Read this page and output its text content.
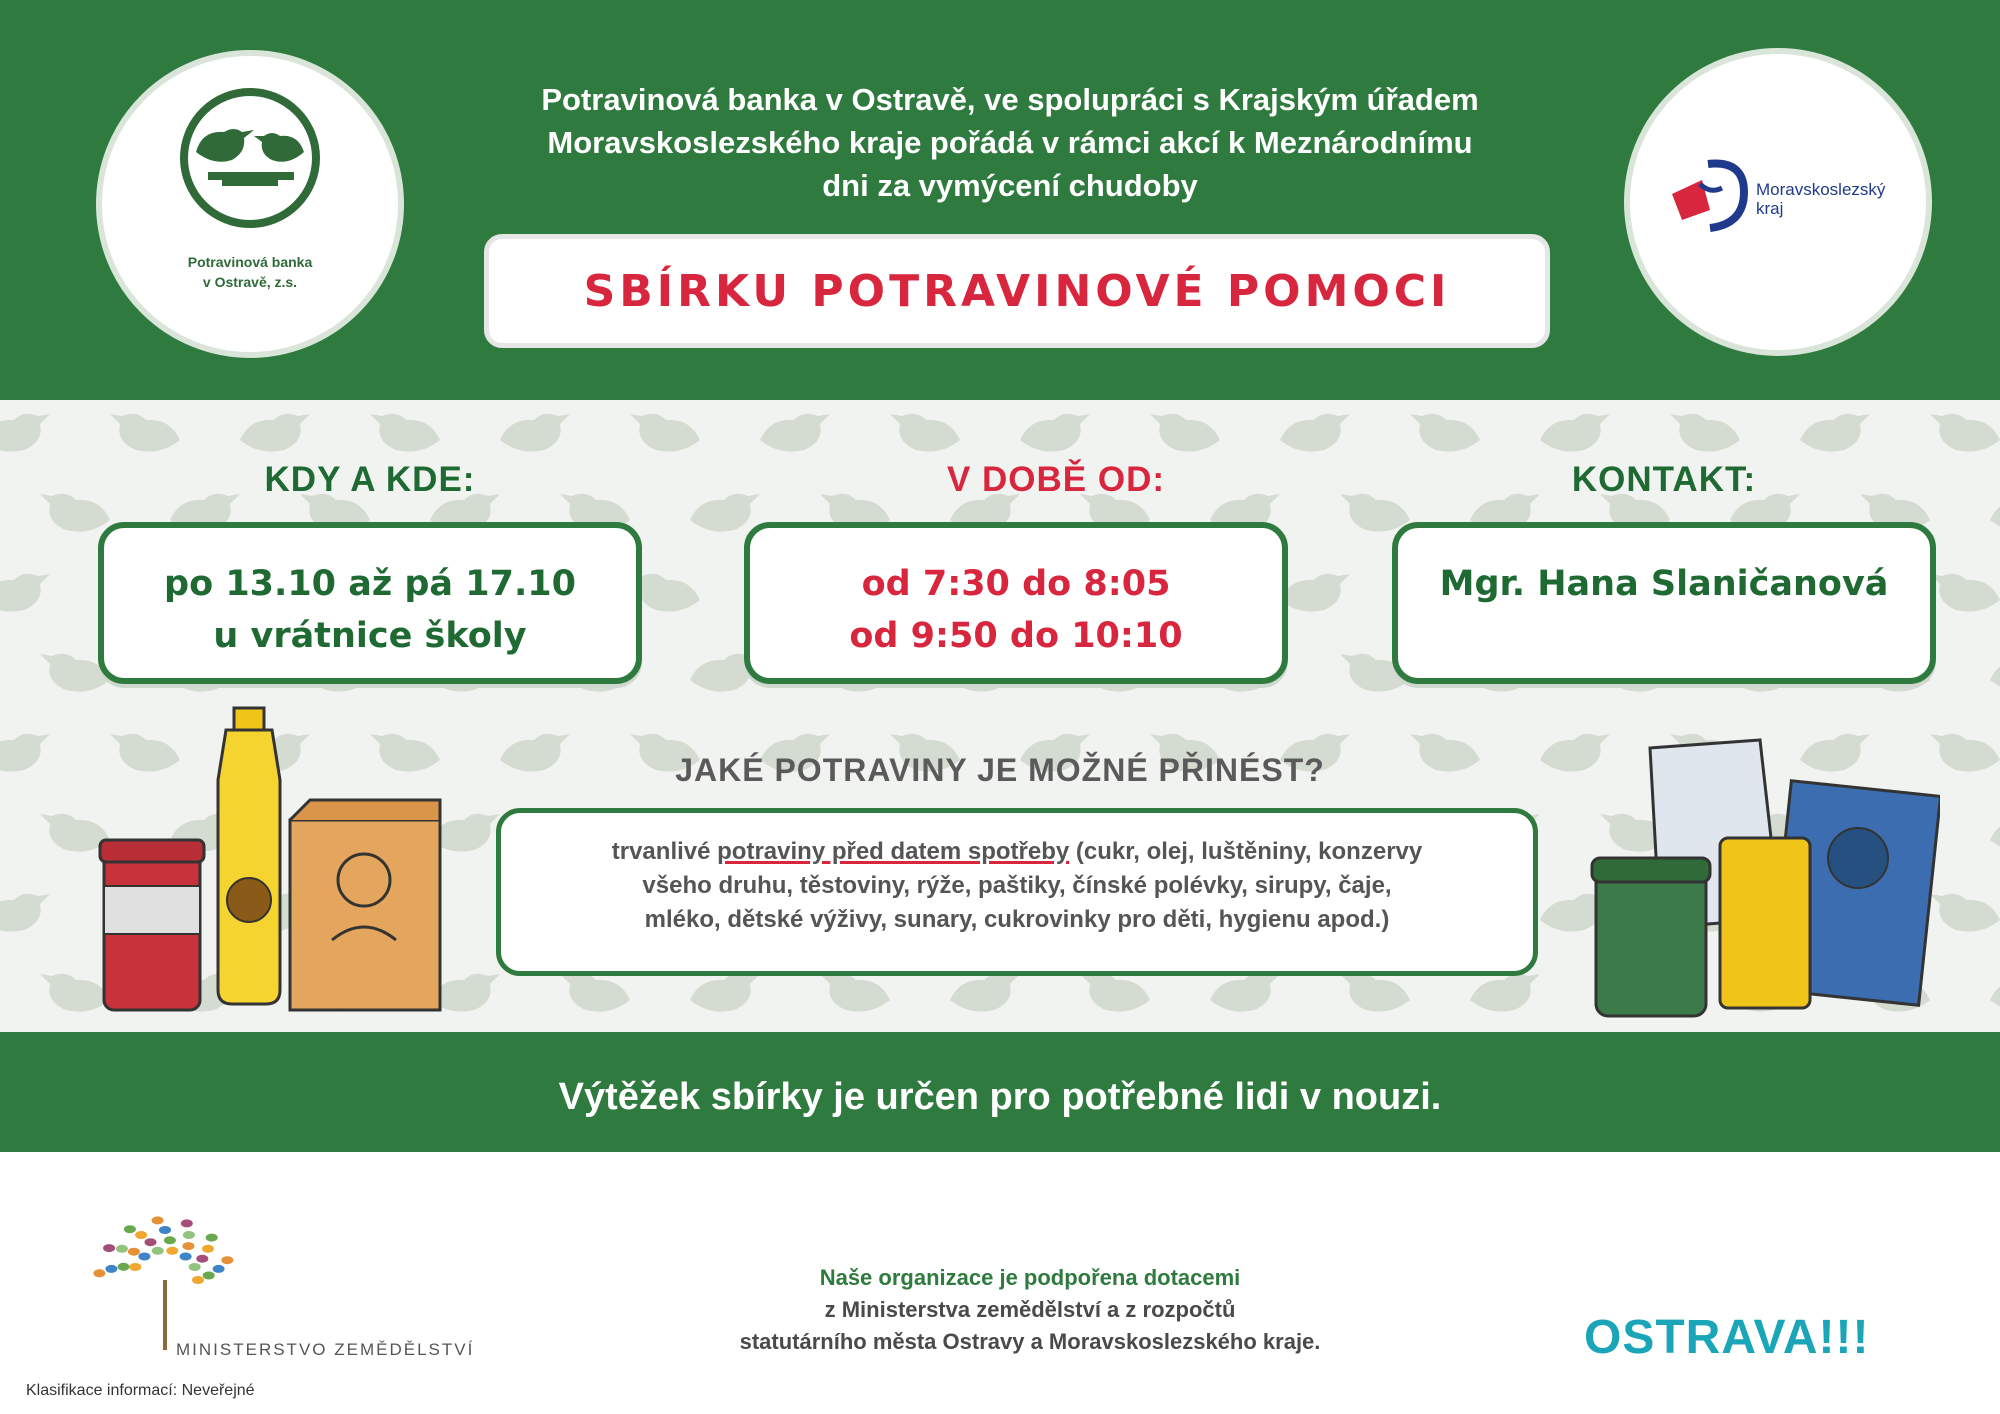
Potravinová banka
v Ostravě, z.s.
Potravinová banka v Ostravě, ve spolupráci s Krajským úřadem
Moravskoslezského kraje pořádá v rámci akcí k Meznárodnímu
dni za vymýcení chudoby
SBÍRKU POTRAVINOVÉ POMOCI
Moravskoslezský
kraj
KDY A KDE:	V DOBĚ OD:	KONTAKT:
po 13.10 až pá 17.10
u vrátnice školy
od 7:30 do 8:05
od 9:50 do 10:10
Mgr. Hana Slaničanová
JAKÉ POTRAVINY JE MOŽNÉ PŘINÉST?
trvanlivé potraviny před datem spotřeby (cukr, olej, luštěniny, konzervy
všeho druhu, těstoviny, rýže, paštiky, čínské polévky, sirupy, čaje,
mléko, dětské výživy, sunary, cukrovinky pro děti, hygienu apod.)
Výtěžek sbírky je určen pro potřebné lidi v nouzi.
MINISTERSTVO ZEMĚDĚLSTVÍ
Klasifikace informací: Neveřejné
Naše organizace je podpořena dotacemi
z Ministerstva zemědělství a z rozpočtů
statutárního města Ostravy a Moravskoslezského kraje.	OSTRAVA!!!
